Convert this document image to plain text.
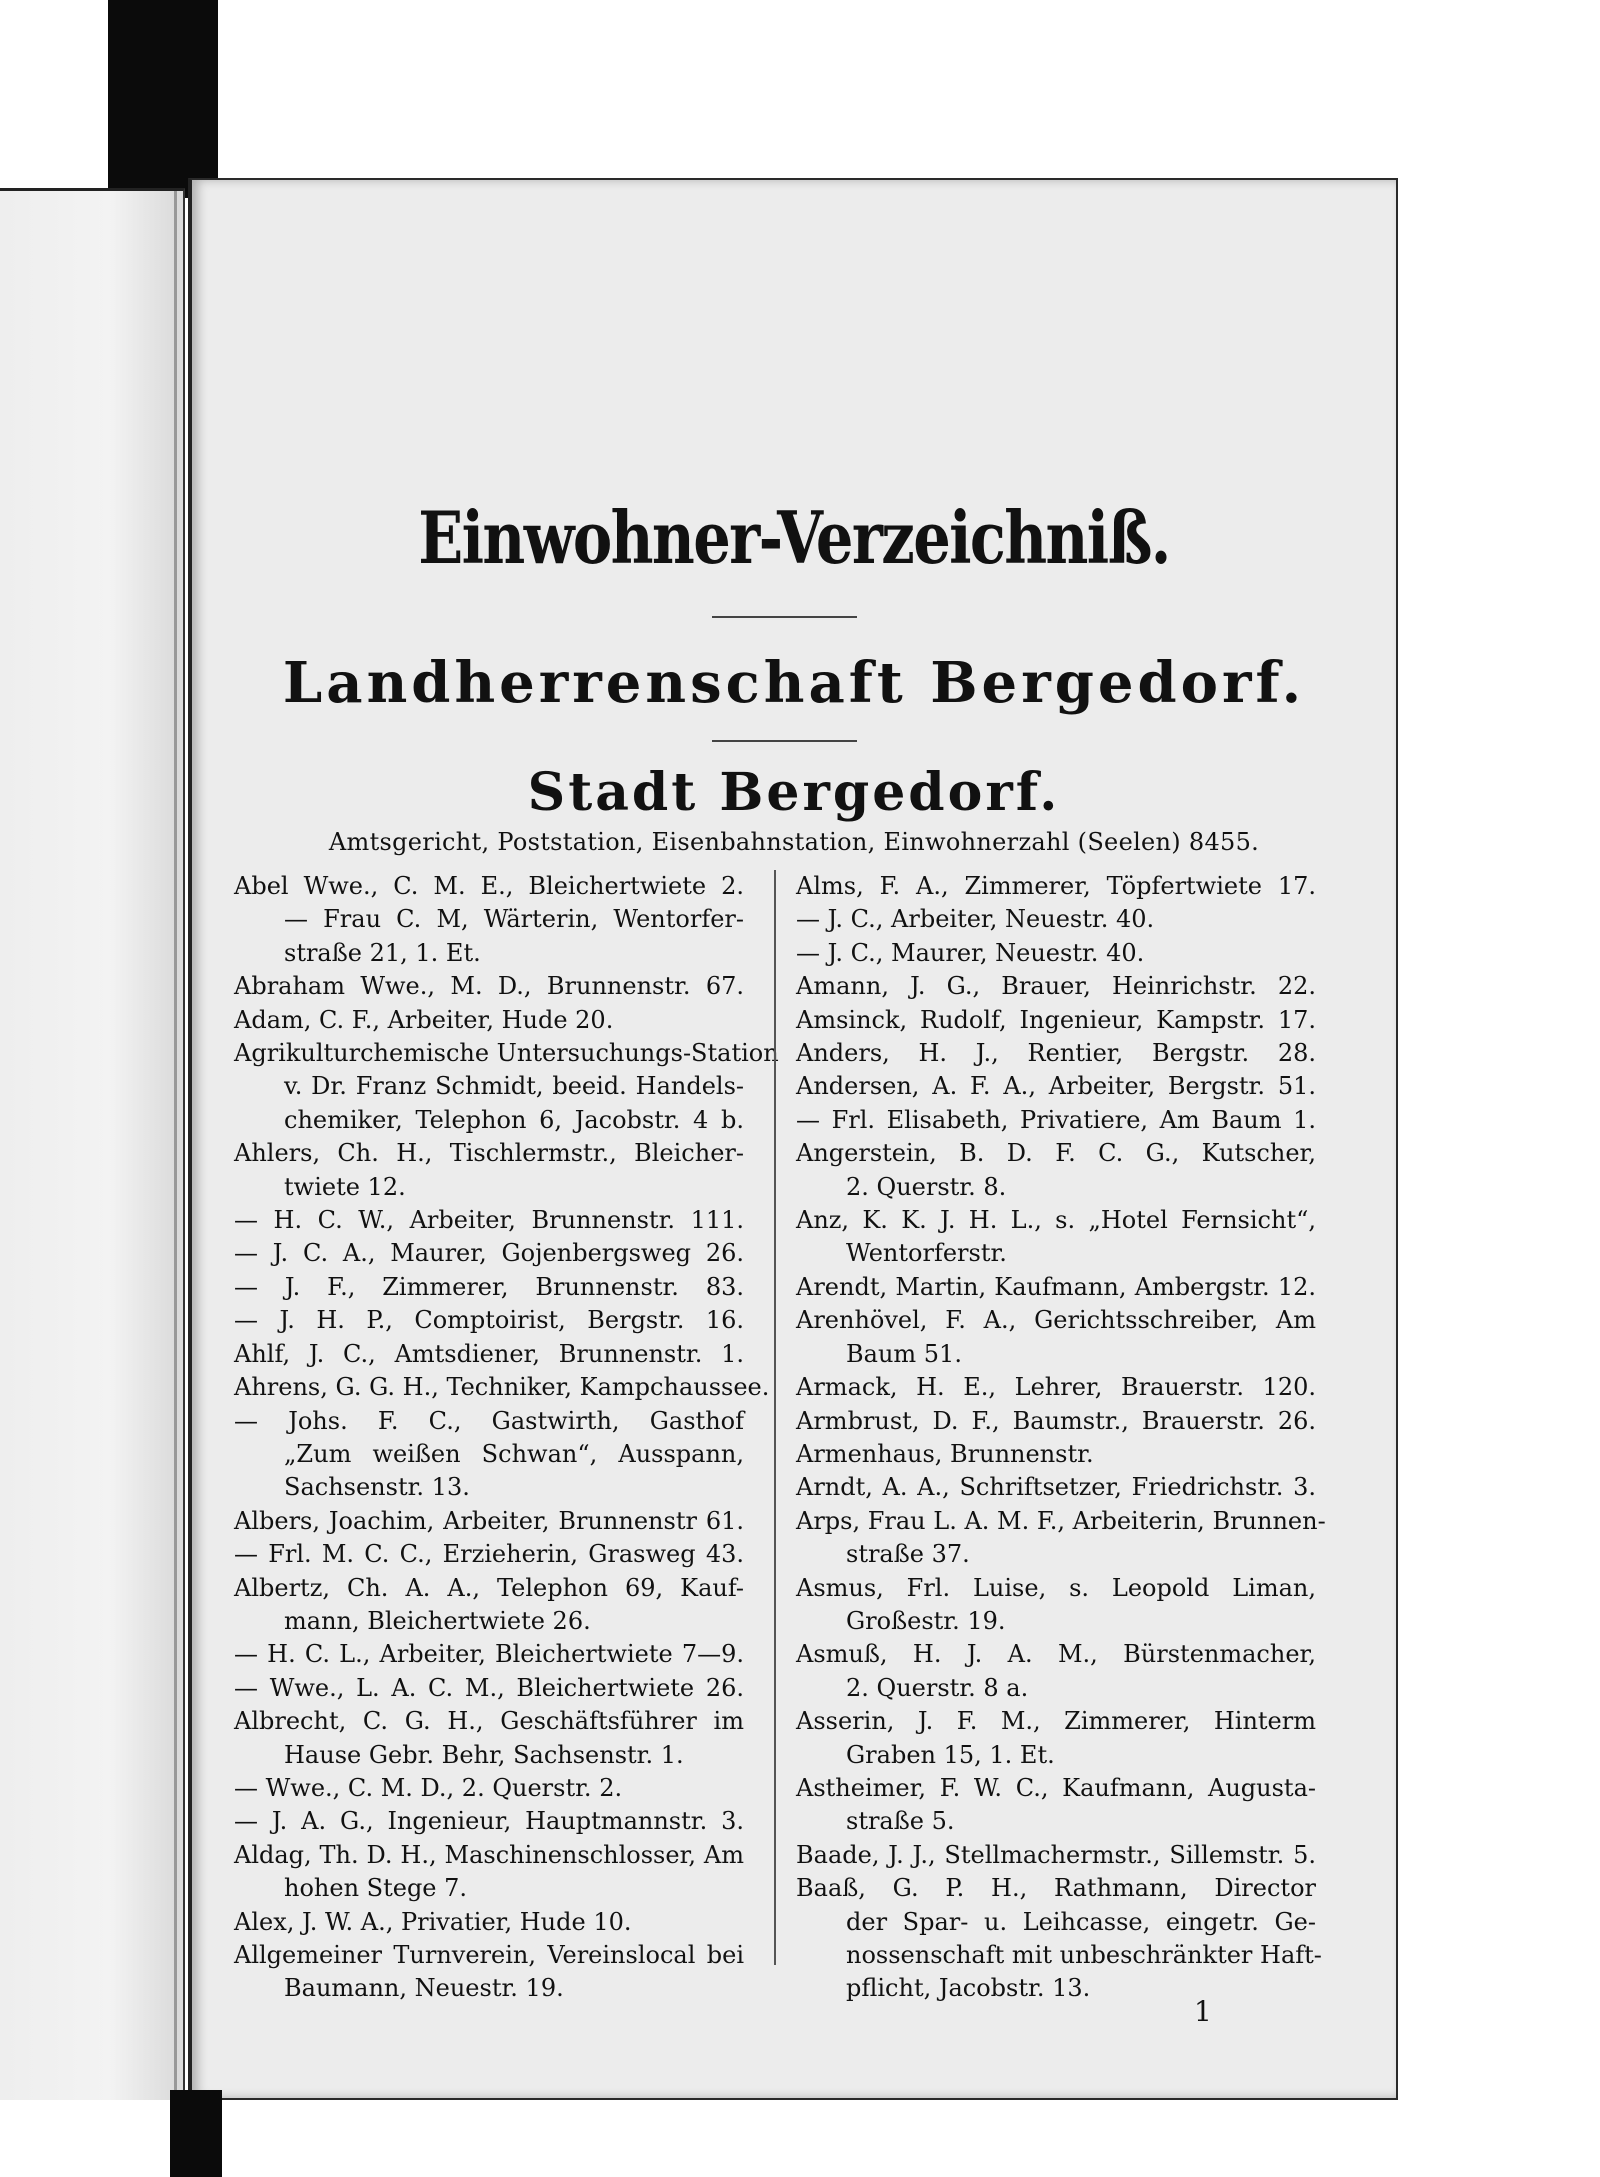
Einwohner-Verzeichniß.
Landherrenschaft Bergedorf.
Stadt Bergedorf.
Amtsgericht, Poststation, Eisenbahnstation, Einwohnerzahl (Seelen) 8455.
Abel Wwe., C. M. E., Bleichertwiete 2.
— Frau C. M, Wärterin, Wentorfer-
straße 21, 1. Et.
Abraham Wwe., M. D., Brunnenstr. 67.
Adam, C. F., Arbeiter, Hude 20.
Agrikulturchemische Untersuchungs-Station
v. Dr. Franz Schmidt, beeid. Handels-
chemiker, Telephon 6, Jacobstr. 4 b.
Ahlers, Ch. H., Tischlermstr., Bleicher-
twiete 12.
— H. C. W., Arbeiter, Brunnenstr. 111.
— J. C. A., Maurer, Gojenbergsweg 26.
— J. F., Zimmerer, Brunnenstr. 83.
— J. H. P., Comptoirist, Bergstr. 16.
Ahlf, J. C., Amtsdiener, Brunnenstr. 1.
Ahrens, G. G. H., Techniker, Kampchaussee.
— Johs. F. C., Gastwirth, Gasthof
„Zum weißen Schwan“, Ausspann,
Sachsenstr. 13.
Albers, Joachim, Arbeiter, Brunnenstr 61.
— Frl. M. C. C., Erzieherin, Grasweg 43.
Albertz, Ch. A. A., Telephon 69, Kauf-
mann, Bleichertwiete 26.
— H. C. L., Arbeiter, Bleichertwiete 7—9.
— Wwe., L. A. C. M., Bleichertwiete 26.
Albrecht, C. G. H., Geschäftsführer im
Hause Gebr. Behr, Sachsenstr. 1.
— Wwe., C. M. D., 2. Querstr. 2.
— J. A. G., Ingenieur, Hauptmannstr. 3.
Aldag, Th. D. H., Maschinenschlosser, Am
hohen Stege 7.
Alex, J. W. A., Privatier, Hude 10.
Allgemeiner Turnverein, Vereinslocal bei
Baumann, Neuestr. 19.
Alms, F. A., Zimmerer, Töpfertwiete 17.
— J. C., Arbeiter, Neuestr. 40.
— J. C., Maurer, Neuestr. 40.
Amann, J. G., Brauer, Heinrichstr. 22.
Amsinck, Rudolf, Ingenieur, Kampstr. 17.
Anders, H. J., Rentier, Bergstr. 28.
Andersen, A. F. A., Arbeiter, Bergstr. 51.
— Frl. Elisabeth, Privatiere, Am Baum 1.
Angerstein, B. D. F. C. G., Kutscher,
2. Querstr. 8.
Anz, K. K. J. H. L., s. „Hotel Fernsicht“,
Wentorferstr.
Arendt, Martin, Kaufmann, Ambergstr. 12.
Arenhövel, F. A., Gerichtsschreiber, Am
Baum 51.
Armack, H. E., Lehrer, Brauerstr. 120.
Armbrust, D. F., Baumstr., Brauerstr. 26.
Armenhaus, Brunnenstr.
Arndt, A. A., Schriftsetzer, Friedrichstr. 3.
Arps, Frau L. A. M. F., Arbeiterin, Brunnen-
straße 37.
Asmus, Frl. Luise, s. Leopold Liman,
Großestr. 19.
Asmuß, H. J. A. M., Bürstenmacher,
2. Querstr. 8 a.
Asserin, J. F. M., Zimmerer, Hinterm
Graben 15, 1. Et.
Astheimer, F. W. C., Kaufmann, Augusta-
straße 5.
Baade, J. J., Stellmachermstr., Sillemstr. 5.
Baaß, G. P. H., Rathmann, Director
der Spar- u. Leihcasse, eingetr. Ge-
nossenschaft mit unbeschränkter Haft-
pflicht, Jacobstr. 13.
1
